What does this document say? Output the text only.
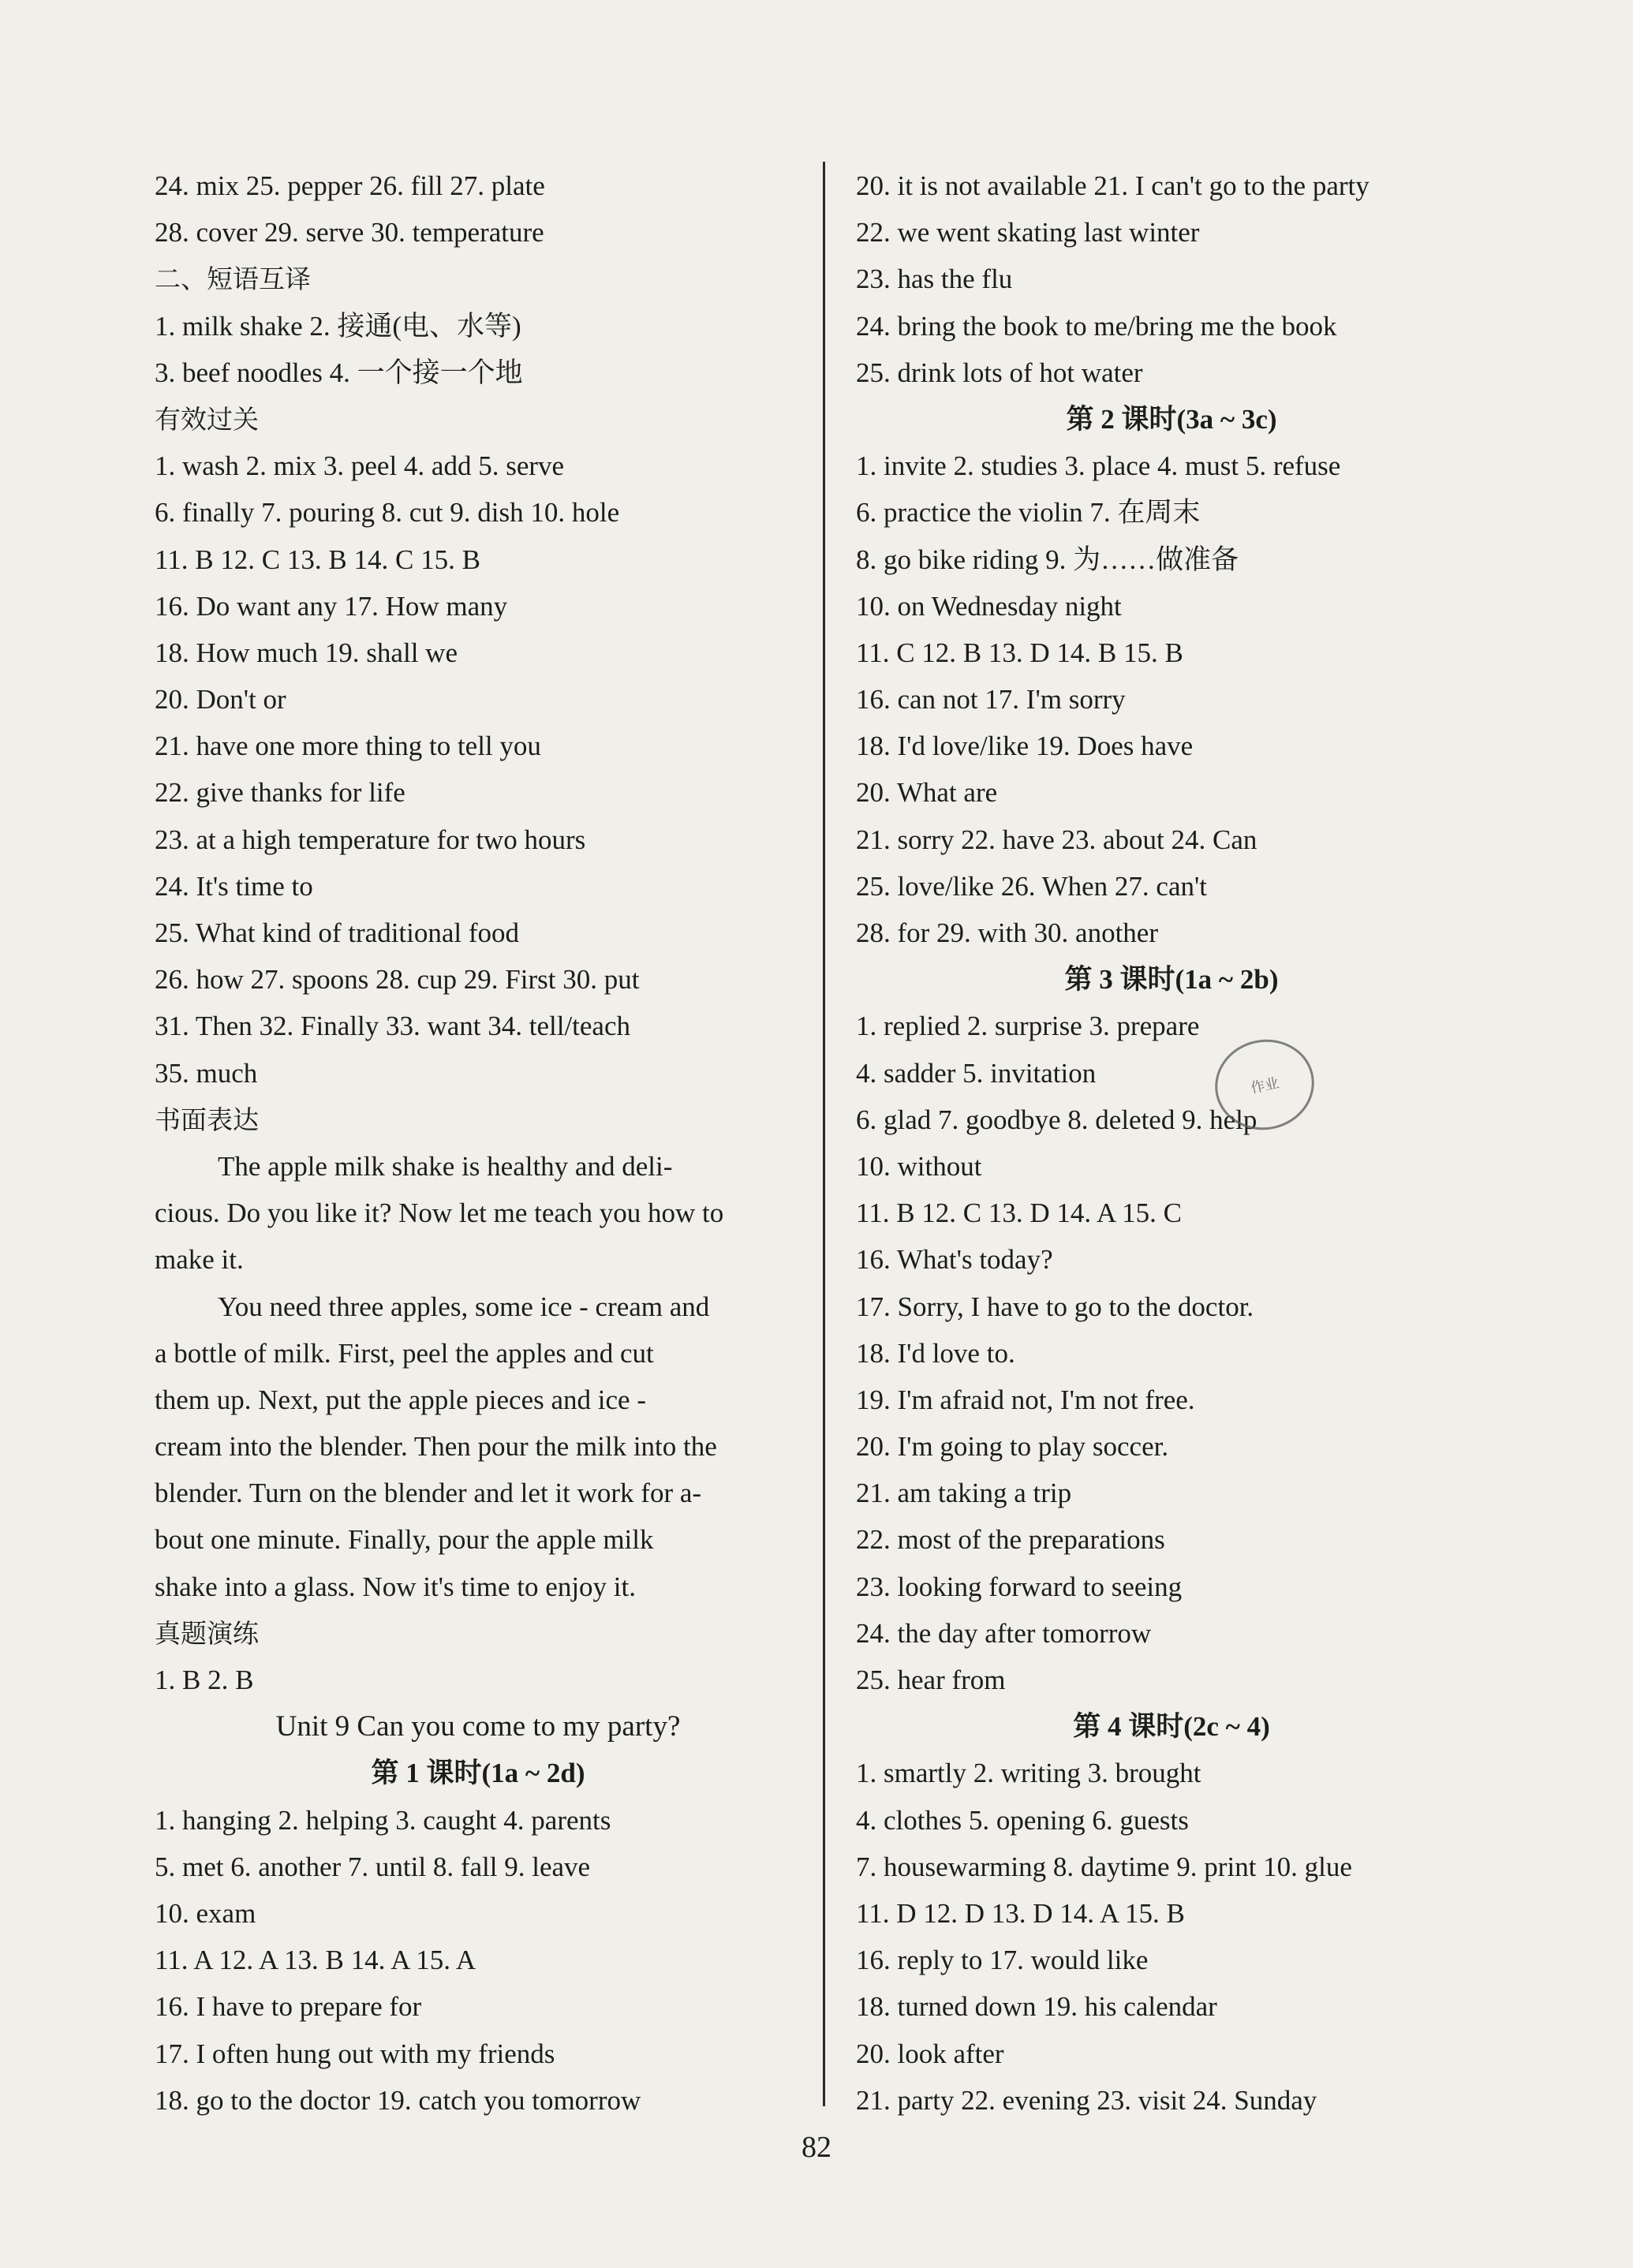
24. mix 25. pepper 26. fill 27. plate
28. cover 29. serve 30. temperature
二、短语互译
1. milk shake 2. 接通(电、水等)
3. beef noodles 4. 一个接一个地
有效过关
1. wash 2. mix 3. peel 4. add 5. serve
6. finally 7. pouring 8. cut 9. dish 10. hole
11. B 12. C 13. B 14. C 15. B
16. Do want any 17. How many
18. How much 19. shall we
20. Don't or
21. have one more thing to tell you
22. give thanks for life
23. at a high temperature for two hours
24. It's time to
25. What kind of traditional food
26. how 27. spoons 28. cup 29. First 30. put
31. Then 32. Finally 33. want 34. tell/teach
35. much
书面表达
The apple milk shake is healthy and deli-
cious. Do you like it? Now let me teach you how to
make it.
You need three apples, some ice - cream and
a bottle of milk. First, peel the apples and cut
them up. Next, put the apple pieces and ice -
cream into the blender. Then pour the milk into the
blender. Turn on the blender and let it work for a-
bout one minute. Finally, pour the apple milk
shake into a glass. Now it's time to enjoy it.
真题演练
1. B 2. B
Unit 9 Can you come to my party?
第 1 课时(1a ~ 2d)
1. hanging 2. helping 3. caught 4. parents
5. met 6. another 7. until 8. fall 9. leave
10. exam
11. A 12. A 13. B 14. A 15. A
16. I have to prepare for
17. I often hung out with my friends
18. go to the doctor 19. catch you tomorrow
20. it is not available 21. I can't go to the party
22. we went skating last winter
23. has the flu
24. bring the book to me/bring me the book
25. drink lots of hot water
第 2 课时(3a ~ 3c)
1. invite 2. studies 3. place 4. must 5. refuse
6. practice the violin 7. 在周末
8. go bike riding 9. 为……做准备
10. on Wednesday night
11. C 12. B 13. D 14. B 15. B
16. can not 17. I'm sorry
18. I'd love/like 19. Does have
20. What are
21. sorry 22. have 23. about 24. Can
25. love/like 26. When 27. can't
28. for 29. with 30. another
第 3 课时(1a ~ 2b)
1. replied 2. surprise 3. prepare
4. sadder 5. invitation
6. glad 7. goodbye 8. deleted 9. help
10. without
11. B 12. C 13. D 14. A 15. C
16. What's today?
17. Sorry, I have to go to the doctor.
18. I'd love to.
19. I'm afraid not, I'm not free.
20. I'm going to play soccer.
21. am taking a trip
22. most of the preparations
23. looking forward to seeing
24. the day after tomorrow
25. hear from
第 4 课时(2c ~ 4)
1. smartly 2. writing 3. brought
4. clothes 5. opening 6. guests
7. housewarming 8. daytime 9. print 10. glue
11. D 12. D 13. D 14. A 15. B
16. reply to 17. would like
18. turned down 19. his calendar
20. look after
21. party 22. evening 23. visit 24. Sunday
作业
82
